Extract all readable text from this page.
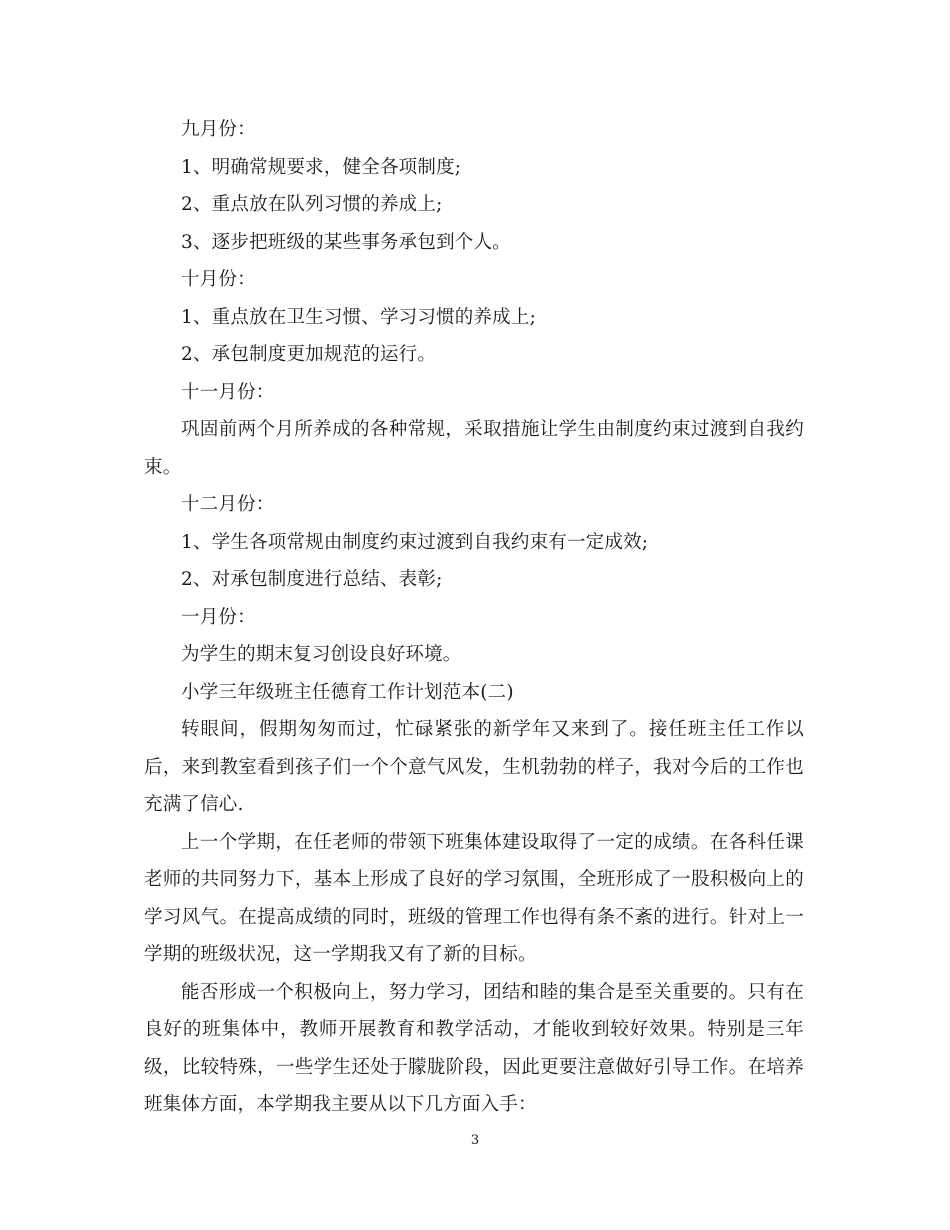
九月份：

1、明确常规要求，健全各项制度;

2、重点放在队列习惯的养成上;

3、逐步把班级的某些事务承包到个人。

十月份：

1、重点放在卫生习惯、学习习惯的养成上;

2、承包制度更加规范的运行。

十一月份：

巩固前两个月所养成的各种常规，采取措施让学生由制度约束过渡到自我约束。

十二月份：

1、学生各项常规由制度约束过渡到自我约束有一定成效;

2、对承包制度进行总结、表彰;

一月份：

为学生的期末复习创设良好环境。

小学三年级班主任德育工作计划范本(二)

转眼间，假期匆匆而过，忙碌紧张的新学年又来到了。接任班主任工作以后，来到教室看到孩子们一个个意气风发，生机勃勃的样子，我对今后的工作也充满了信心.

上一个学期，在任老师的带领下班集体建设取得了一定的成绩。在各科任课老师的共同努力下，基本上形成了良好的学习氛围，全班形成了一股积极向上的学习风气。在提高成绩的同时，班级的管理工作也得有条不紊的进行。针对上一学期的班级状况，这一学期我又有了新的目标。

能否形成一个积极向上，努力学习，团结和睦的集合是至关重要的。只有在良好的班集体中，教师开展教育和教学活动，才能收到较好效果。特别是三年级，比较特殊，一些学生还处于朦胧阶段，因此更要注意做好引导工作。在培养班集体方面，本学期我主要从以下几方面入手：

3
